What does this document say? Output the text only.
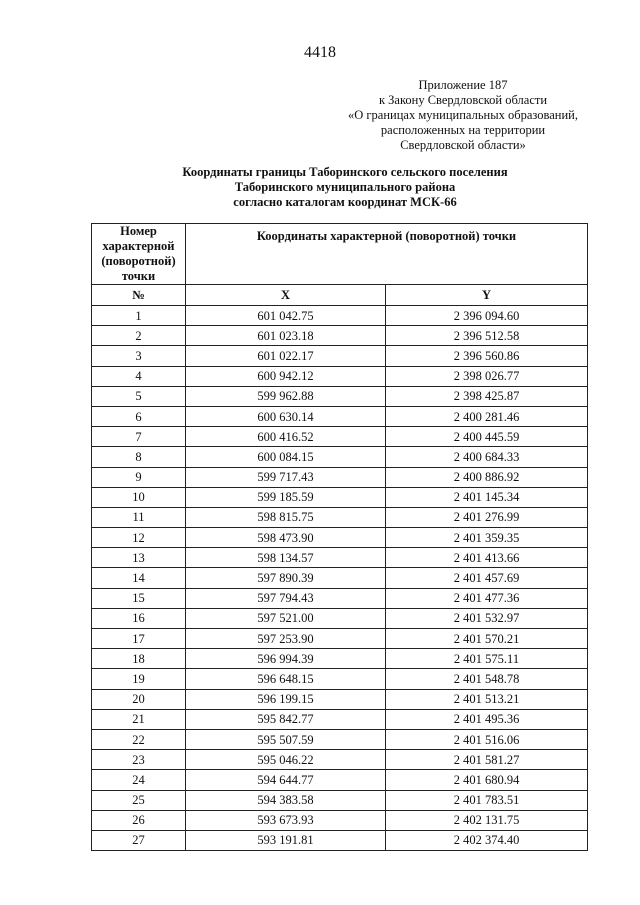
4418
Приложение 187
к Закону Свердловской области
«О границах муниципальных образований,
расположенных на территории
Свердловской области»
Координаты границы Таборинского сельского поселения
Таборинского муниципального района
согласно каталогам координат МСК-66
Номер
характерной
(поворотной)
точки	Координаты характерной (поворотной) точки	
№	X	Y
1	601 042.75	2 396 094.60
2	601 023.18	2 396 512.58
3	601 022.17	2 396 560.86
4	600 942.12	2 398 026.77
5	599 962.88	2 398 425.87
6	600 630.14	2 400 281.46
7	600 416.52	2 400 445.59
8	600 084.15	2 400 684.33
9	599 717.43	2 400 886.92
10	599 185.59	2 401 145.34
11	598 815.75	2 401 276.99
12	598 473.90	2 401 359.35
13	598 134.57	2 401 413.66
14	597 890.39	2 401 457.69
15	597 794.43	2 401 477.36
16	597 521.00	2 401 532.97
17	597 253.90	2 401 570.21
18	596 994.39	2 401 575.11
19	596 648.15	2 401 548.78
20	596 199.15	2 401 513.21
21	595 842.77	2 401 495.36
22	595 507.59	2 401 516.06
23	595 046.22	2 401 581.27
24	594 644.77	2 401 680.94
25	594 383.58	2 401 783.51
26	593 673.93	2 402 131.75
27	593 191.81	2 402 374.40
